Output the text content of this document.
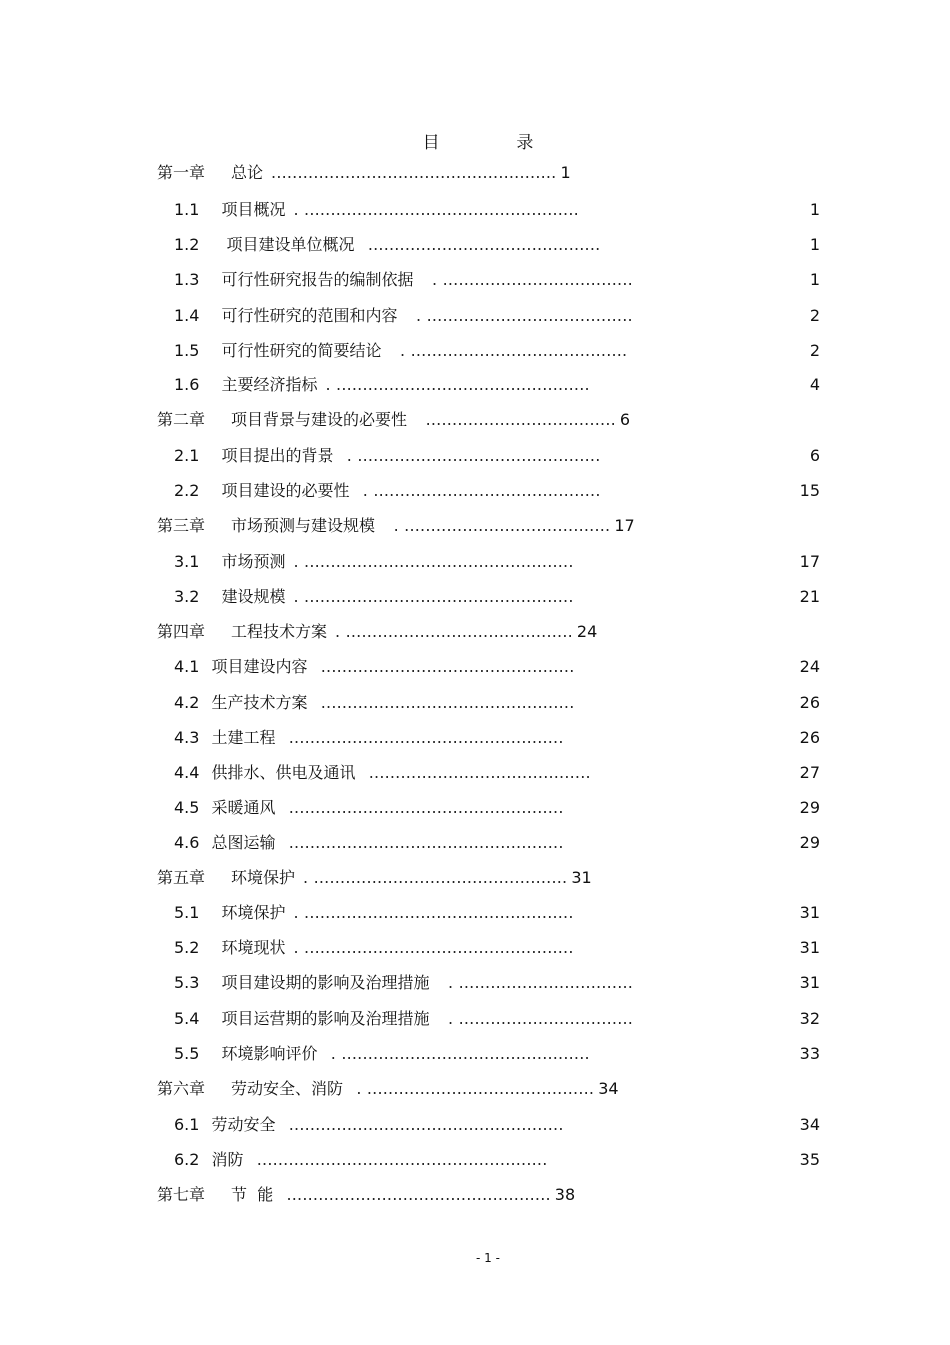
目  录
第一章 总论 ...................................................... 1
1.1 项目概况 . ....................................................	1
1.2 项目建设单位概况 ............................................	1
1.3 可行性研究报告的编制依据  . ....................................	1
1.4 可行性研究的范围和内容  . .......................................	2
1.5 可行性研究的简要结论  . .........................................	2
1.6 主要经济指标 . ................................................	4
第二章 项目背景与建设的必要性  .................................... 6
2.1 项目提出的背景 . ..............................................	6
2.2 项目建设的必要性 . ...........................................	15
第三章 市场预测与建设规模  . ....................................... 17
3.1 市场预测 . ...................................................	17
3.2 建设规模 . ...................................................	21
第四章 工程技术方案 . ........................................... 24
4.1 项目建设内容 ................................................	24
4.2 生产技术方案 ................................................	26
4.3 土建工程 ....................................................	26
4.4 供排水、供电及通讯 ..........................................	27
4.5 采暖通风 ....................................................	29
4.6 总图运输 ....................................................	29
第五章 环境保护 . ................................................ 31
5.1 环境保护 . ...................................................	31
5.2 环境现状 . ...................................................	31
5.3 项目建设期的影响及治理措施  . .................................	31
5.4 项目运营期的影响及治理措施  . .................................	32
5.5 环境影响评价 . ...............................................	33
第六章 劳动安全、消防 . ........................................... 34
6.1 劳动安全 ....................................................	34
6.2 消防 .......................................................	35
第七章 节  能 .................................................. 38
- 1 -
